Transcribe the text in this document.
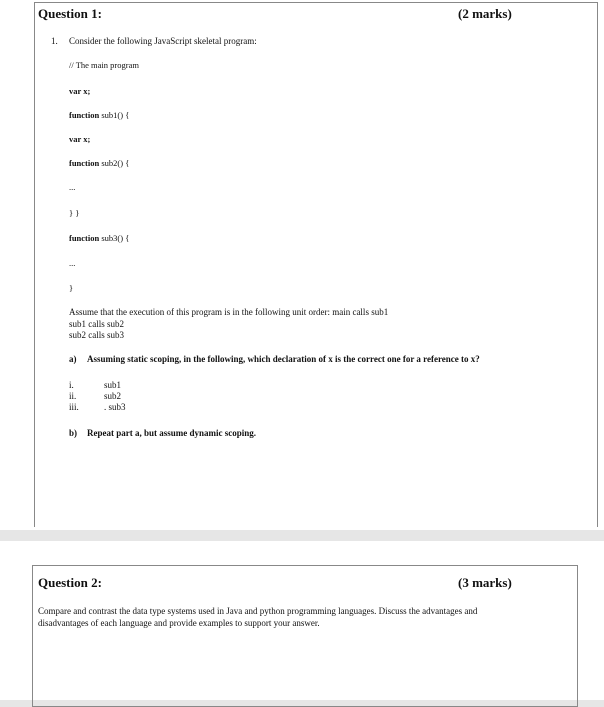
Question 1:	(2 marks)
1. Consider the following JavaScript skeletal program:
// The main program
var x;
function sub1() {
var x;
function sub2() {
...
} }
function sub3() {
...
}
Assume that the execution of this program is in the following unit order: main calls sub1
sub1 calls sub2
sub2 calls sub3
a) Assuming static scoping, in the following, which declaration of x is the correct one for a reference to x?
i.	sub1
ii.	sub2
iii.	. sub3
b) Repeat part a, but assume dynamic scoping.
Question 2:	(3 marks)
Compare and contrast the data type systems used in Java and python programming languages. Discuss the advantages and
disadvantages of each language and provide examples to support your answer.
